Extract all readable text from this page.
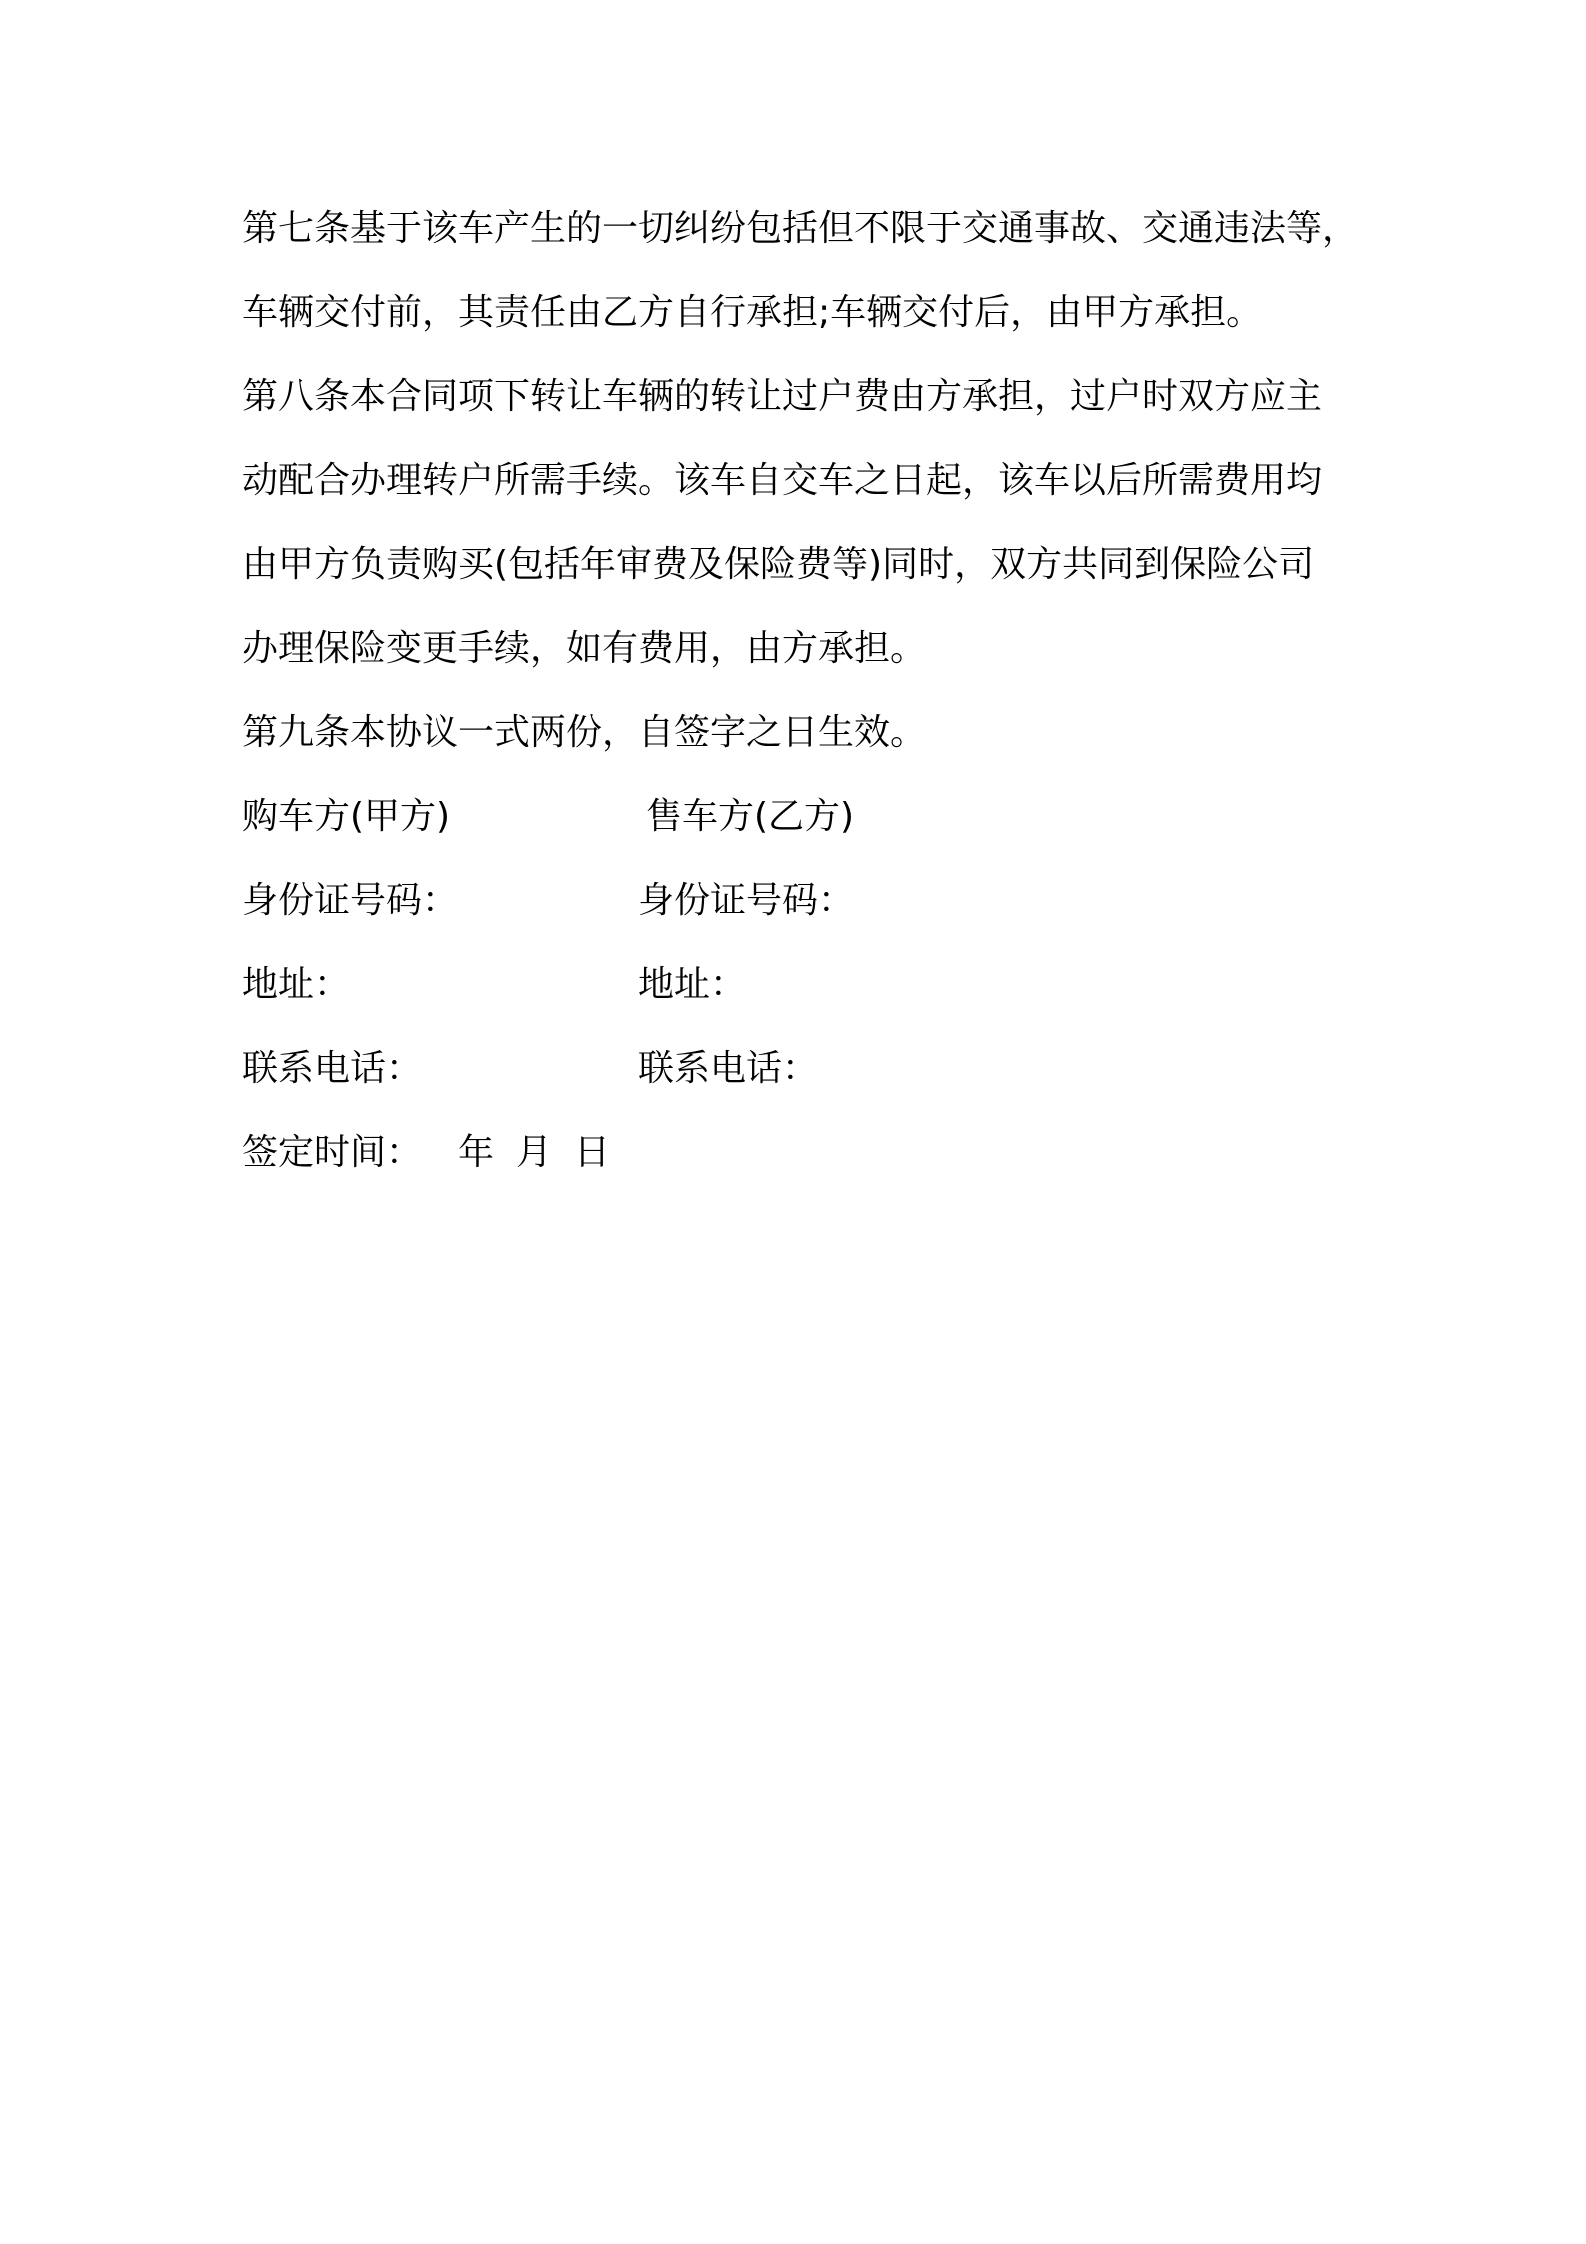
第七条基于该车产生的一切纠纷包括但不限于交通事故、交通违法等，
车辆交付前，其责任由乙方自行承担;车辆交付后，由甲方承担。
第八条本合同项下转让车辆的转让过户费由方承担，过户时双方应主
动配合办理转户所需手续。该车自交车之日起，该车以后所需费用均
由甲方负责购买(包括年审费及保险费等)同时，双方共同到保险公司
办理保险变更手续，如有费用，由方承担。
第九条本协议一式两份，自签字之日生效。
购车方(甲方)	售车方(乙方)
身份证号码：	身份证号码：
地址：	地址：
联系电话：	联系电话：
签定时间： 年 月 日
